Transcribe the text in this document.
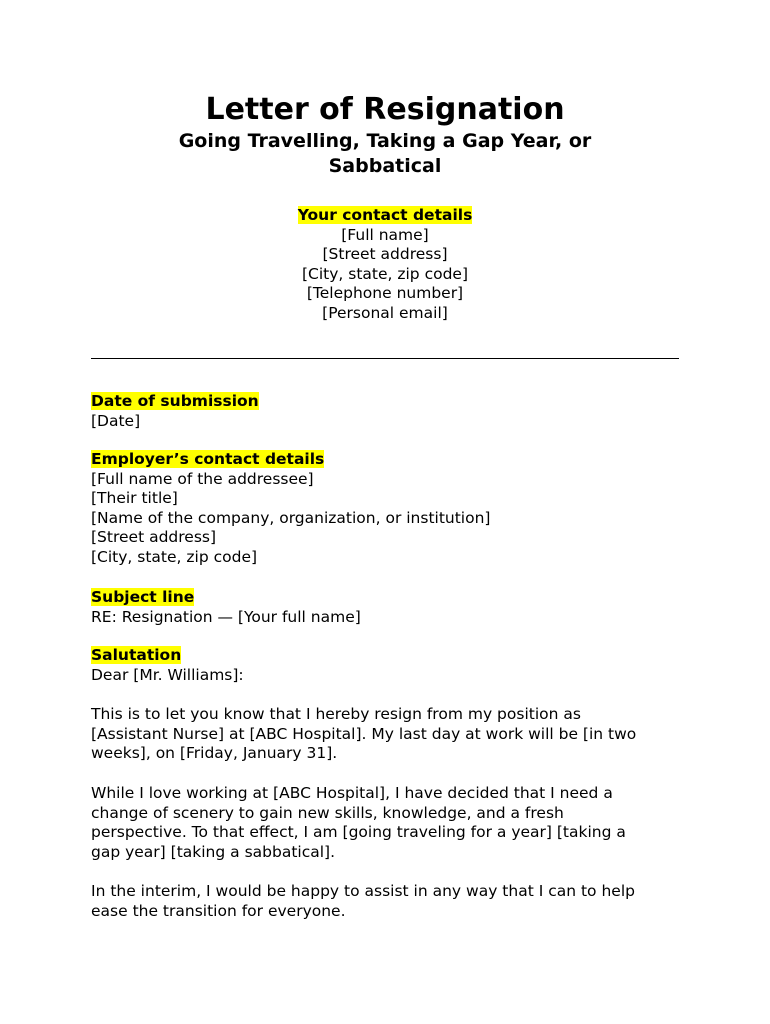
Letter of Resignation
Going Travelling, Taking a Gap Year, or
Sabbatical
Your contact details
[Full name]
[Street address]
[City, state, zip code]
[Telephone number]
[Personal email]
Date of submission
[Date]
Employer’s contact details
[Full name of the addressee]
[Their title]
[Name of the company, organization, or institution]
[Street address]
[City, state, zip code]
Subject line
RE: Resignation — [Your full name]
Salutation
Dear [Mr. Williams]:
This is to let you know that I hereby resign from my position as
[Assistant Nurse] at [ABC Hospital]. My last day at work will be [in two
weeks], on [Friday, January 31].
While I love working at [ABC Hospital], I have decided that I need a
change of scenery to gain new skills, knowledge, and a fresh
perspective. To that effect, I am [going traveling for a year] [taking a
gap year] [taking a sabbatical].
In the interim, I would be happy to assist in any way that I can to help
ease the transition for everyone.
